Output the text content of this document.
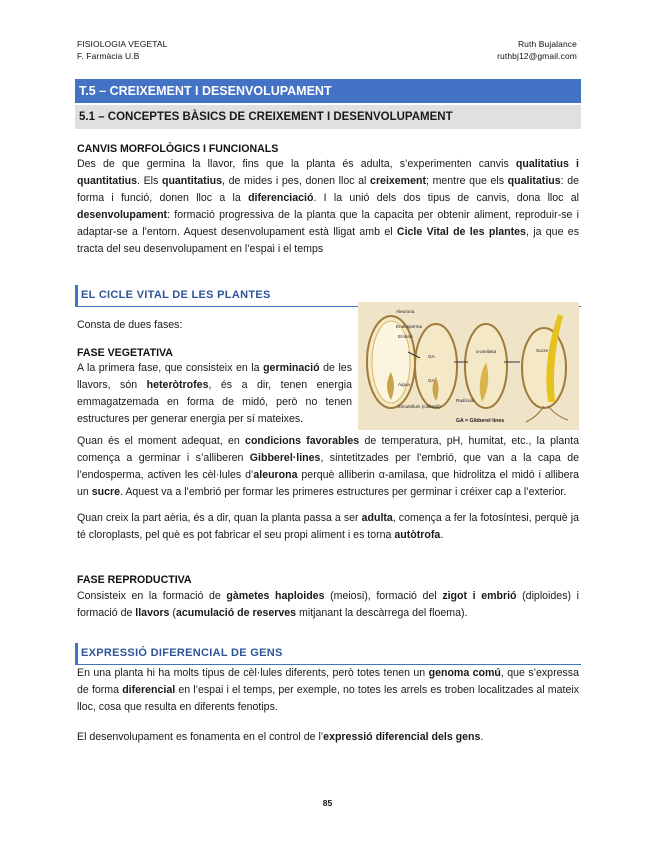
FISIOLOGIA VEGETAL
F. Farmàcia U.B
Ruth Bujalance
ruthbj12@gmail.com
T.5 – CREIXEMENT I DESENVOLUPAMENT
5.1 – CONCEPTES BÀSICS DE CREIXEMENT I DESENVOLUPAMENT
CANVIS MORFOLÒGICS I FUNCIONALS
Des de que germina la llavor, fins que la planta és adulta, s’experimenten canvis qualitatius i quantitatius. Els quantitatius, de mides i pes, donen lloc al creixement; mentre que els qualitatius: de forma i funció, donen lloc a la diferenciació. I la unió dels dos tipus de canvis, dona lloc al desenvolupament: formació progressiva de la planta que la capacita per obtenir aliment, reproduir-se i adaptar-se a l’entorn. Aquest desenvolupament està lligat amb el Cicle Vital de les plantes, ja que es tracta del seu desenvolupament en l’espai i el temps
EL CICLE VITAL DE LES PLANTES
Consta de dues fases:
FASE VEGETATIVA
A la primera fase, que consisteix en la germinació de les llavors, són heteròtrofes, és a dir, tenen energia emmagatzemada en forma de midó, però no tenen estructures per generar energia per sí mateixes.
Quan és el moment adequat, en condicions favorables de temperatura, pH, humitat, etc., la planta comença a germinar i s’alliberen Gibberel·lines, sintetitzades per l’embrió, que van a la capa de l’endosperma, activen les cèl·lules d’aleurona perquè alliberin α-amilasa, que hidrolitza el midó i allibera un sucre. Aquest va a l’embrió per formar les primeres estructures per germinar i créixer cap a l’exterior.
Quan creix la part aèria, és a dir, quan la planta passa a ser adulta, comença a fer la fotosíntesi, perquè ja té cloroplasts, pel què es pot fabricar el seu propi aliment i es torna autòtrofa.
FASE REPRODUCTIVA
Consisteix en la formació de gàmetes haploides (meiosi), formació del zigot i embrió (diploides) i formació de llavors (acumulació de reserves mitjanant la descàrrega del floema).
Aleurona
Endosperma
Embrió
GA
Aigua
Escutellum (cotiledó)
GA
α-amilasa	Sucre
Radícula
GA = Gibberel·lines
EXPRESSIÓ DIFERENCIAL DE GENS
En una planta hi ha molts tipus de cèl·lules diferents, però totes tenen un genoma comú, que s’expressa de forma diferencial en l’espai i el temps, per exemple, no totes les arrels es troben localitzades al mateix lloc, cosa que resulta en diferents fenotips.
El desenvolupament es fonamenta en el control de l’expressió diferencial dels gens.
85
